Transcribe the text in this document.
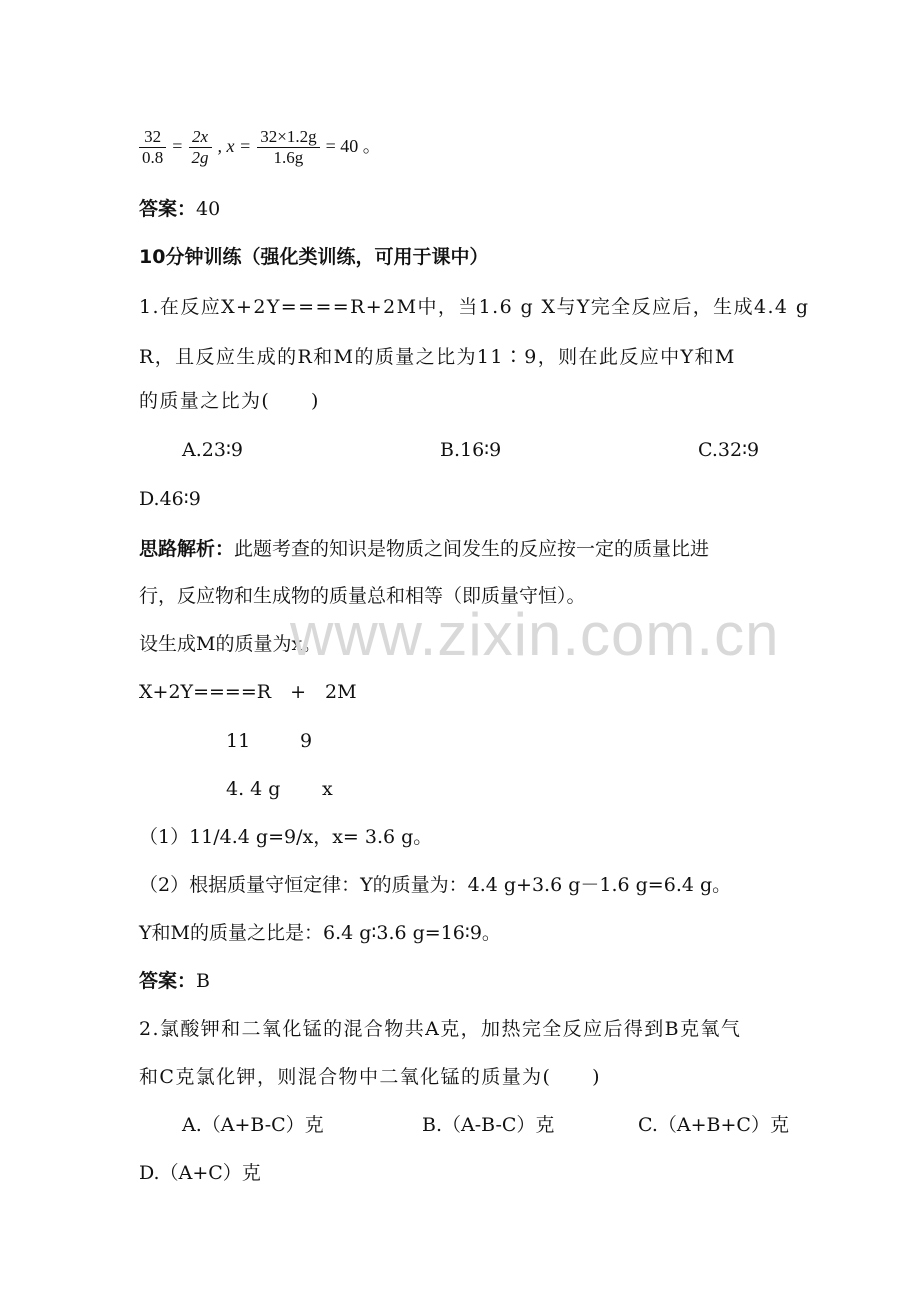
$\frac{32}{0.8} = \frac{2x}{2g}$ , $x = \frac{32\times 1.2g}{1.6g} = 40$ 。
答案：40
10分钟训练（强化类训练，可用于课中）
1.在反应X+2Y====R+2M中，当1.6 g X与Y完全反应后，生成4.4 g
R，且反应生成的R和M的质量之比为11∶9，则在此反应中Y和M
的质量之比为(　　)
A.23∶9	B.16∶9	C.32∶9
D.46∶9
思路解析：此题考查的知识是物质之间发生的反应按一定的质量比进
行，反应物和生成物的质量总和相等（即质量守恒）。
设生成M的质量为x。
X+2Y====R　+　2M
11	9
4. 4 g x
（1）11/4.4 g=9/x，x= 3.6 g。
（2）根据质量守恒定律：Y的质量为：4.4 g+3.6 g－1.6 g=6.4 g。
Y和M的质量之比是：6.4 g∶3.6 g=16∶9。
答案：B
2.氯酸钾和二氧化锰的混合物共A克，加热完全反应后得到B克氧气
和C克氯化钾，则混合物中二氧化锰的质量为(　　)
A.（A+B-C）克	B.（A-B-C）克	C.（A+B+C）克
D.（A+C）克
www.zixin.com.cn
